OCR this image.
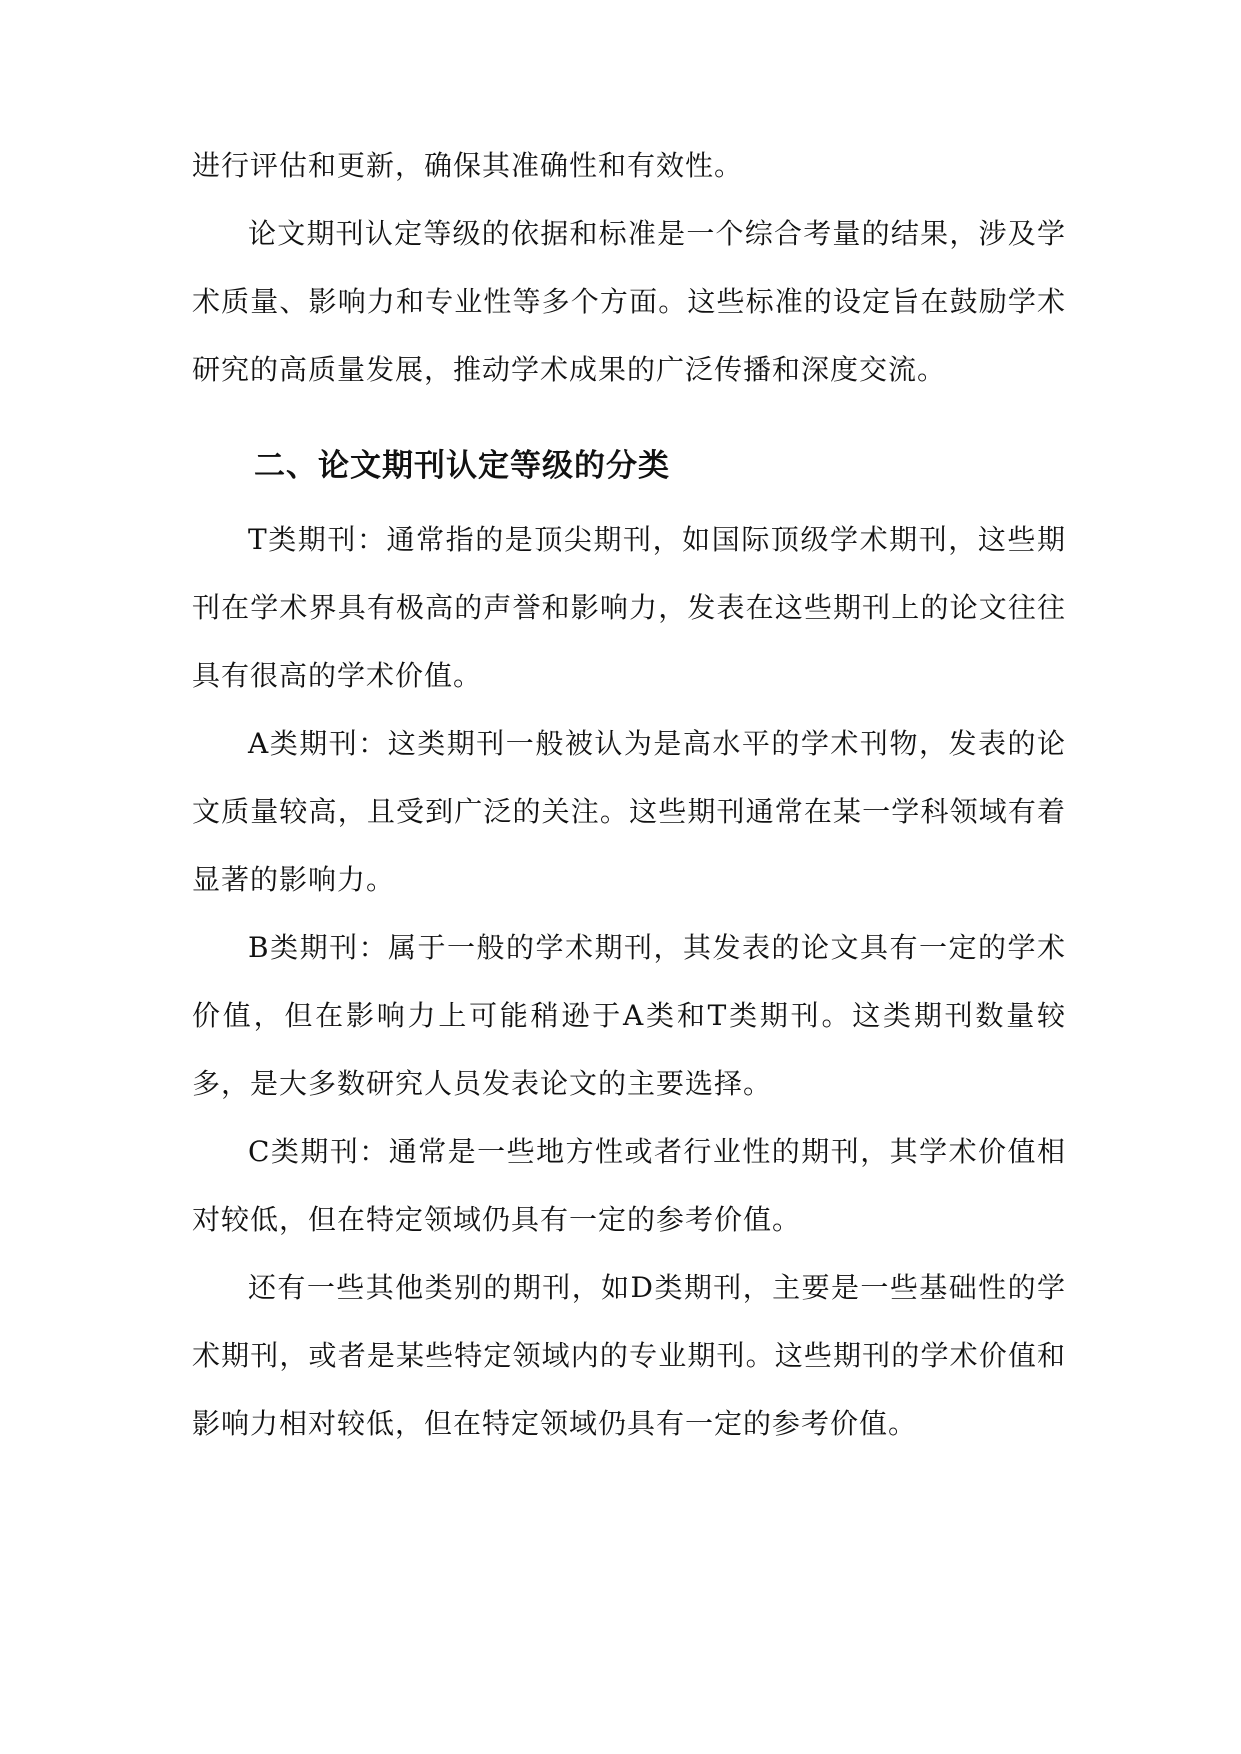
进行评估和更新，确保其准确性和有效性。

论文期刊认定等级的依据和标准是一个综合考量的结果，涉及学术质量、影响力和专业性等多个方面。这些标准的设定旨在鼓励学术研究的高质量发展，推动学术成果的广泛传播和深度交流。

二、论文期刊认定等级的分类

T类期刊：通常指的是顶尖期刊，如国际顶级学术期刊，这些期刊在学术界具有极高的声誉和影响力，发表在这些期刊上的论文往往具有很高的学术价值。

A类期刊：这类期刊一般被认为是高水平的学术刊物，发表的论文质量较高，且受到广泛的关注。这些期刊通常在某一学科领域有着显著的影响力。

B类期刊：属于一般的学术期刊，其发表的论文具有一定的学术价值，但在影响力上可能稍逊于A类和T类期刊。这类期刊数量较多，是大多数研究人员发表论文的主要选择。

C类期刊：通常是一些地方性或者行业性的期刊，其学术价值相对较低，但在特定领域仍具有一定的参考价值。

还有一些其他类别的期刊，如D类期刊，主要是一些基础性的学术期刊，或者是某些特定领域内的专业期刊。这些期刊的学术价值和影响力相对较低，但在特定领域仍具有一定的参考价值。
